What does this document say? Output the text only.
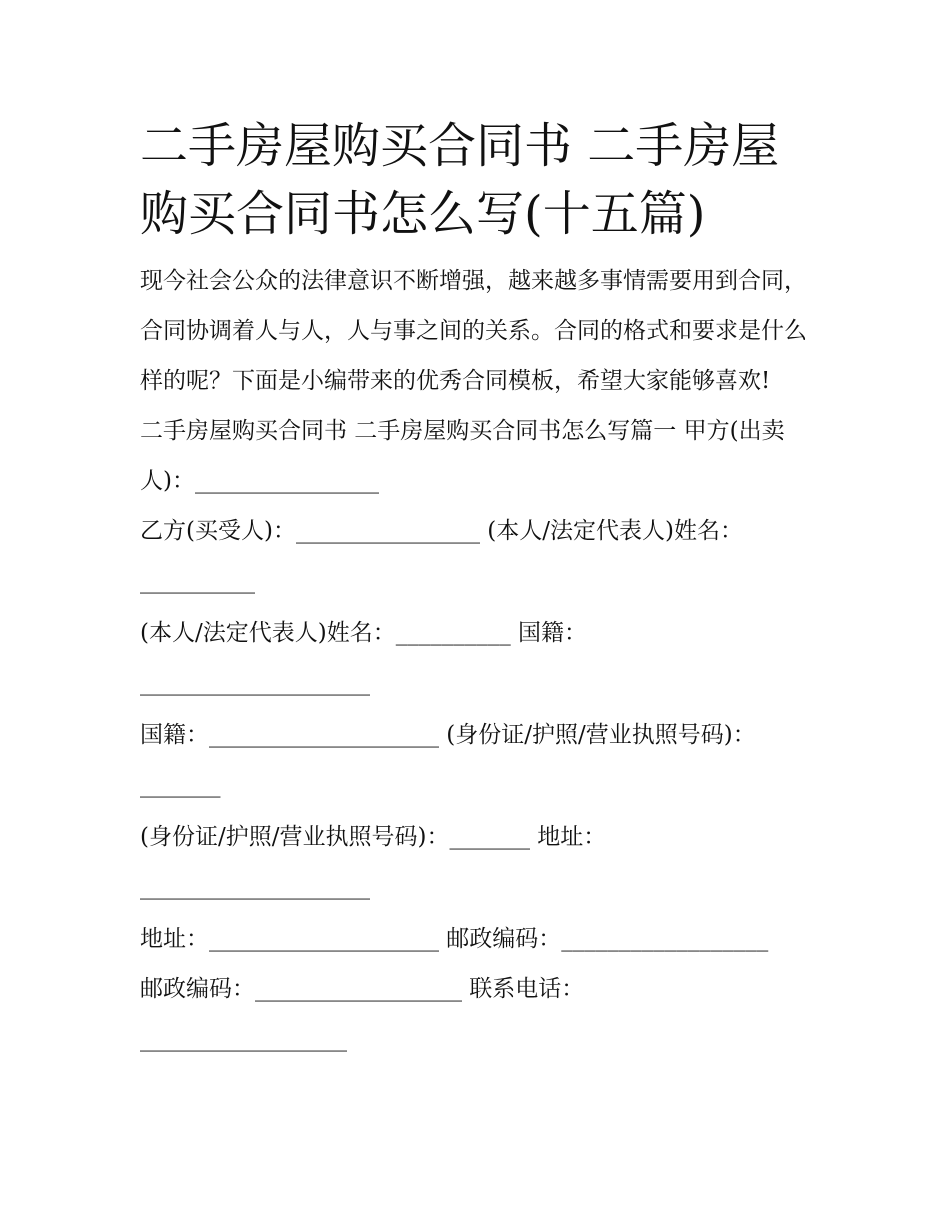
二手房屋购买合同书 二手房屋购买合同书怎么写(十五篇)

现今社会公众的法律意识不断增强，越来越多事情需要用到合同，合同协调着人与人，人与事之间的关系。合同的格式和要求是什么样的呢？下面是小编带来的优秀合同模板，希望大家能够喜欢!

二手房屋购买合同书 二手房屋购买合同书怎么写篇一 甲方(出卖人)：________________

乙方(买受人)：________________ (本人/法定代表人)姓名：
__________
(本人/法定代表人)姓名：__________ 国籍：
____________________
国籍：____________________ (身份证/护照/营业执照号码)：
_______
(身份证/护照/营业执照号码)：_______ 地址：
____________________
地址：____________________ 邮政编码：__________________
邮政编码：__________________ 联系电话：
__________________
